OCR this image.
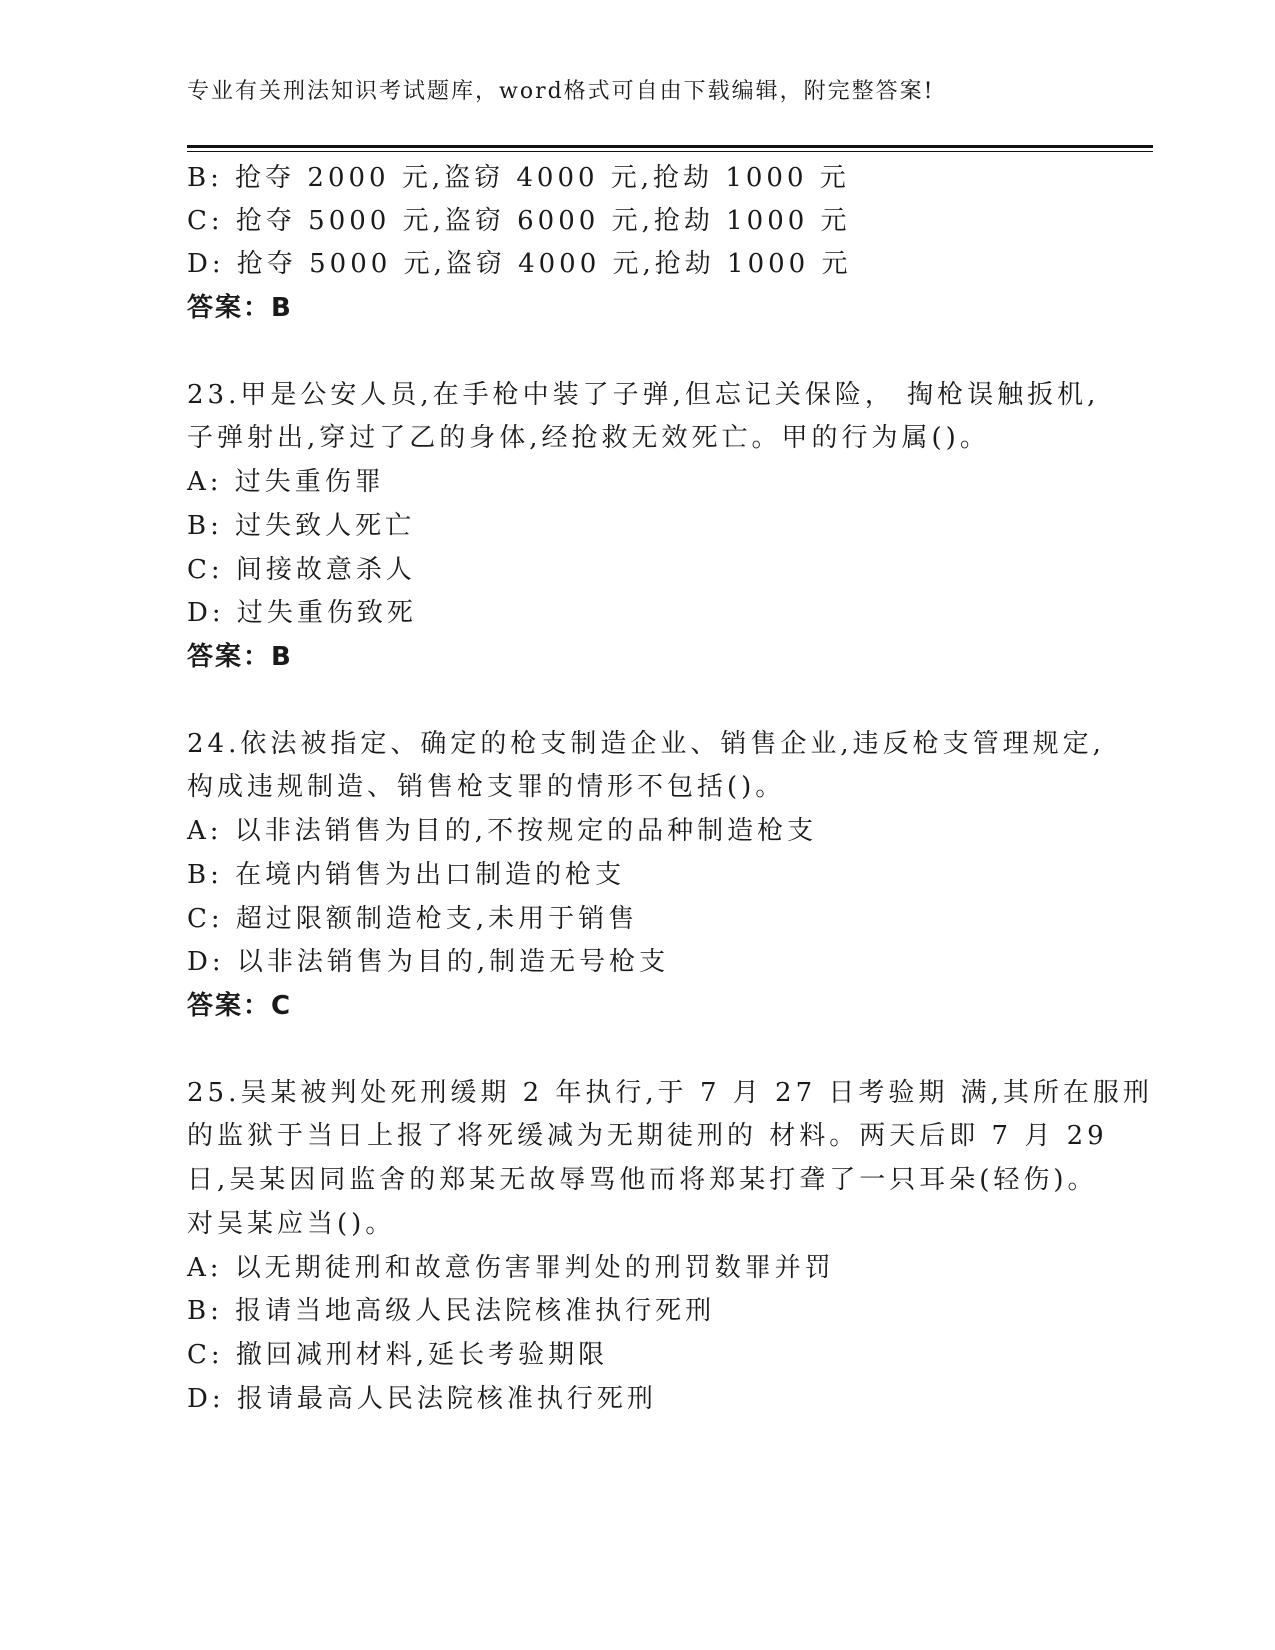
专业有关刑法知识考试题库，word格式可自由下载编辑，附完整答案!
B: 抢夺 2000 元,盗窃 4000 元,抢劫 1000 元
C: 抢夺 5000 元,盗窃 6000 元,抢劫 1000 元
D: 抢夺 5000 元,盗窃 4000 元,抢劫 1000 元
答案：B
23.甲是公安人员,在手枪中装了子弹,但忘记关保险， 掏枪误触扳机,
子弹射出,穿过了乙的身体,经抢救无效死亡。甲的行为属()。
A: 过失重伤罪
B: 过失致人死亡
C: 间接故意杀人
D: 过失重伤致死
答案：B
24.依法被指定、确定的枪支制造企业、销售企业,违反枪支管理规定,
构成违规制造、销售枪支罪的情形不包括()。
A: 以非法销售为目的,不按规定的品种制造枪支
B: 在境内销售为出口制造的枪支
C: 超过限额制造枪支,未用于销售
D: 以非法销售为目的,制造无号枪支
答案：C
25.吴某被判处死刑缓期 2 年执行,于 7 月 27 日考验期 满,其所在服刑
的监狱于当日上报了将死缓减为无期徒刑的 材料。两天后即 7 月 29
日,吴某因同监舍的郑某无故辱骂他而将郑某打聋了一只耳朵(轻伤)。
对吴某应当()。
A: 以无期徒刑和故意伤害罪判处的刑罚数罪并罚
B: 报请当地高级人民法院核准执行死刑
C: 撤回减刑材料,延长考验期限
D: 报请最高人民法院核准执行死刑
